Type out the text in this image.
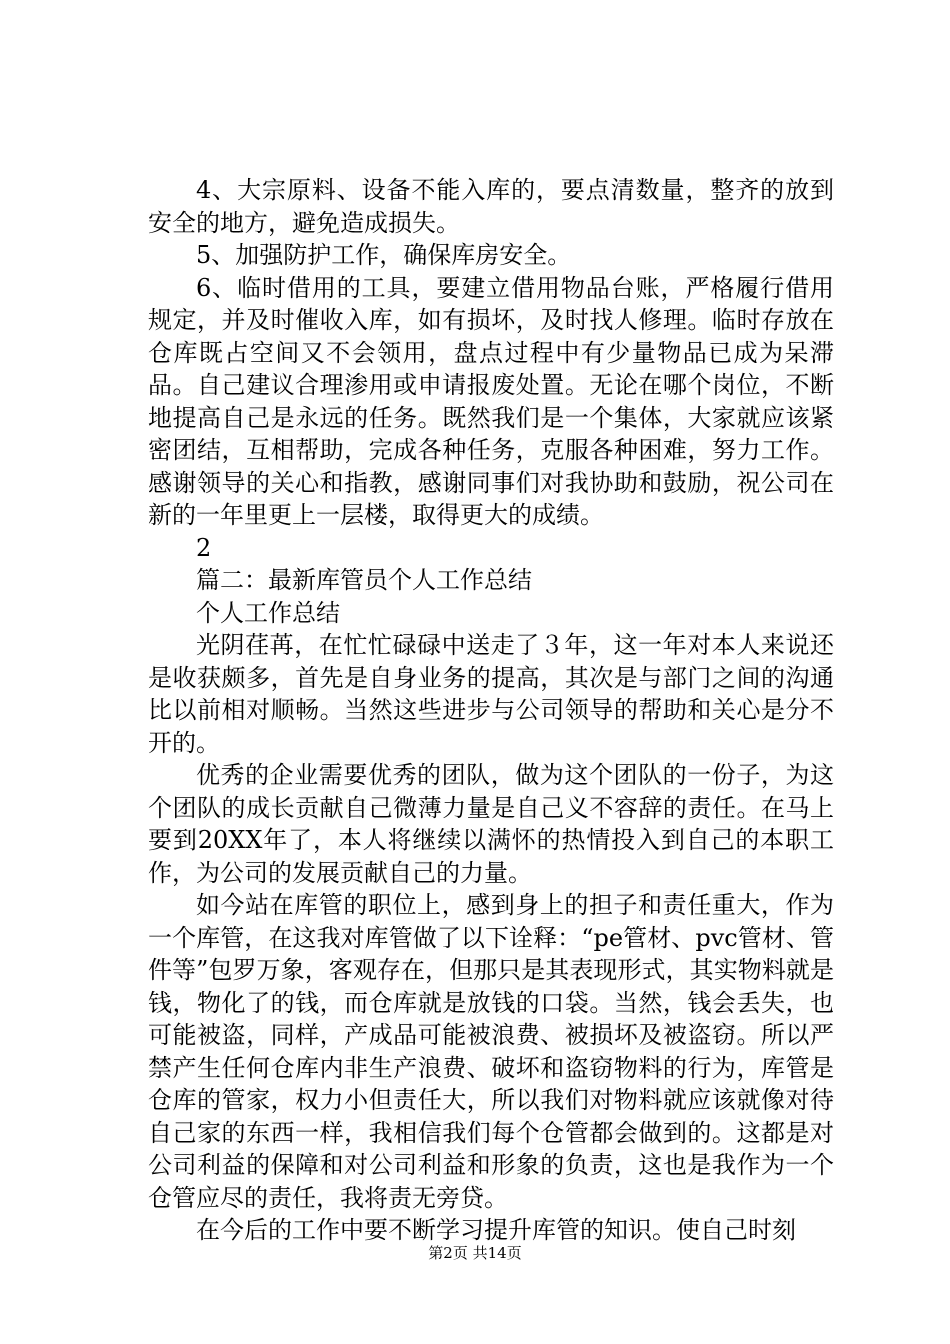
4、大宗原料、设备不能入库的，要点清数量，整齐的放到安全的地方，避免造成损失。

5、加强防护工作，确保库房安全。

6、临时借用的工具，要建立借用物品台账，严格履行借用规定，并及时催收入库，如有损坏，及时找人修理。临时存放在仓库既占空间又不会领用，盘点过程中有少量物品已成为呆滞品。自己建议合理渗用或申请报废处置。无论在哪个岗位，不断地提高自己是永远的任务。既然我们是一个集体，大家就应该紧密团结，互相帮助，完成各种任务，克服各种困难，努力工作。感谢领导的关心和指教，感谢同事们对我协助和鼓励，祝公司在新的一年里更上一层楼，取得更大的成绩。

2

篇二：最新库管员个人工作总结

个人工作总结

光阴荏苒，在忙忙碌碌中送走了３年，这一年对本人来说还是收获颇多，首先是自身业务的提高，其次是与部门之间的沟通比以前相对顺畅。当然这些进步与公司领导的帮助和关心是分不开的。

优秀的企业需要优秀的团队，做为这个团队的一份子，为这个团队的成长贡献自己微薄力量是自己义不容辞的责任。在马上要到20XX年了，本人将继续以满怀的热情投入到自己的本职工作，为公司的发展贡献自己的力量。

如今站在库管的职位上，感到身上的担子和责任重大，作为一个库管，在这我对库管做了以下诠释：“pe管材、pvc管材、管件等”包罗万象，客观存在，但那只是其表现形式，其实物料就是钱，物化了的钱，而仓库就是放钱的口袋。当然，钱会丢失，也可能被盗，同样，产成品可能被浪费、被损坏及被盗窃。所以严禁产生任何仓库内非生产浪费、破坏和盗窃物料的行为，库管是仓库的管家，权力小但责任大，所以我们对物料就应该就像对待自己家的东西一样，我相信我们每个仓管都会做到的。这都是对公司利益的保障和对公司利益和形象的负责，这也是我作为一个仓管应尽的责任，我将责无旁贷。

在今后的工作中要不断学习提升库管的知识。使自己时刻

第2页 共14页
